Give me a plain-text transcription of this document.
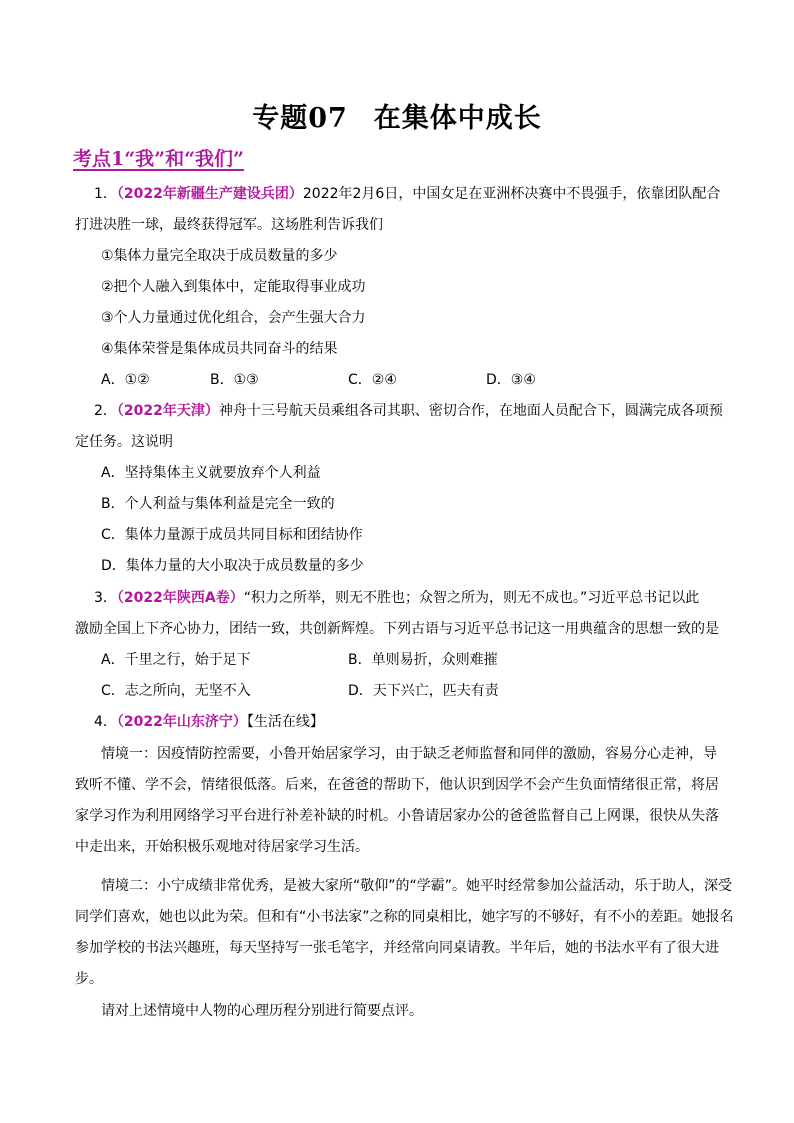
专题07 在集体中成长
考点1“我”和“我们”
1．（2022年新疆生产建设兵团）2022年2月6日，中国女足在亚洲杯决赛中不畏强手，依靠团队配合
打进决胜一球，最终获得冠军。这场胜利告诉我们
①集体力量完全取决于成员数量的多少
②把个人融入到集体中，定能取得事业成功
③个人力量通过优化组合，会产生强大合力
④集体荣誉是集体成员共同奋斗的结果
A．①②	B．①③	C．②④	D．③④
2．（2022年天津）神舟十三号航天员乘组各司其职、密切合作，在地面人员配合下，圆满完成各项预
定任务。这说明
A．坚持集体主义就要放弃个人利益
B．个人利益与集体利益是完全一致的
C．集体力量源于成员共同目标和团结协作
D．集体力量的大小取决于成员数量的多少
3．（2022年陕西A卷）“积力之所举，则无不胜也；众智之所为，则无不成也。”习近平总书记以此
激励全国上下齐心协力，团结一致，共创新辉煌。下列古语与习近平总书记这一用典蕴含的思想一致的是
A．千里之行，始于足下	B．单则易折，众则难摧
C．志之所向，无坚不入	D．天下兴亡，匹夫有责
4．（2022年山东济宁）【生活在线】
情境一：因疫情防控需要，小鲁开始居家学习，由于缺乏老师监督和同伴的激励，容易分心走神，导
致听不懂、学不会，情绪很低落。后来，在爸爸的帮助下，他认识到因学不会产生负面情绪很正常，将居
家学习作为利用网络学习平台进行补差补缺的时机。小鲁请居家办公的爸爸监督自己上网课，很快从失落
中走出来，开始积极乐观地对待居家学习生活。
情境二：小宁成绩非常优秀，是被大家所“敬仰”的“学霸”。她平时经常参加公益活动，乐于助人，深受
同学们喜欢，她也以此为荣。但和有“小书法家”之称的同桌相比，她字写的不够好，有不小的差距。她报名
参加学校的书法兴趣班，每天坚持写一张毛笔字，并经常向同桌请教。半年后，她的书法水平有了很大进
步。
请对上述情境中人物的心理历程分别进行简要点评。
